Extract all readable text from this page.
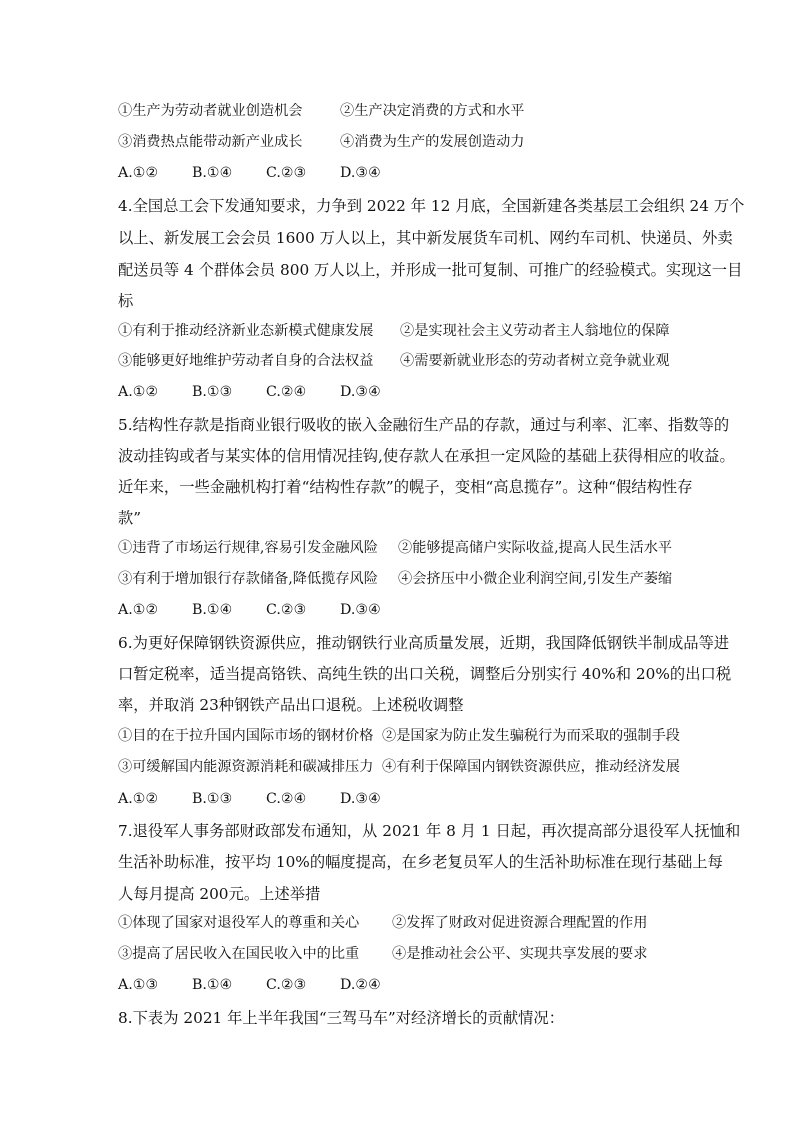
①生产为劳动者就业创造机会	②生产决定消费的方式和水平
③消费热点能带动新产业成长	④消费为生产的发展创造动力
A.①② B.①④ C.②③ D.③④
4.全国总工会下发通知要求，力争到 2022 年 12 月底，全国新建各类基层工会组织 24 万个
以上、新发展工会会员 1600 万人以上，其中新发展货车司机、网约车司机、快递员、外卖
配送员等 4 个群体会员 800 万人以上，并形成一批可复制、可推广的经验模式。实现这一目
标
①有利于推动经济新业态新模式健康发展 ②是实现社会主义劳动者主人翁地位的保障
③能够更好地维护劳动者自身的合法权益 ④需要新就业形态的劳动者树立竞争就业观
A.①② B.①③ C.②④ D.③④
5.结构性存款是指商业银行吸收的嵌入金融衍生产品的存款，通过与利率、汇率、指数等的
波动挂钩或者与某实体的信用情况挂钩,使存款人在承担一定风险的基础上获得相应的收益。
近年来，一些金融机构打着“结构性存款”的幌子，变相“高息揽存”。这种“假结构性存
款”
①违背了市场运行规律,容易引发金融风险 ②能够提高储户实际收益,提高人民生活水平
③有利于增加银行存款储备,降低揽存风险 ④会挤压中小微企业利润空间,引发生产萎缩
A.①② B.①④ C.②③ D.③④
6.为更好保障钢铁资源供应，推动钢铁行业高质量发展，近期，我国降低钢铁半制成品等进
口暂定税率，适当提高铬铁、高纯生铁的出口关税，调整后分别实行 40%和 20%的出口税
率，并取消 23种钢铁产品出口退税。上述税收调整
①目的在于拉升国内国际市场的钢材价格 ②是国家为防止发生骗税行为而采取的强制手段
③可缓解国内能源资源消耗和碳减排压力 ④有利于保障国内钢铁资源供应，推动经济发展
A.①② B.①③ C.②④ D.③④
7.退役军人事务部财政部发布通知，从 2021 年 8 月 1 日起，再次提高部分退役军人抚恤和
生活补助标准，按平均 10%的幅度提高，在乡老复员军人的生活补助标准在现行基础上每
人每月提高 200元。上述举措
①体现了国家对退役军人的尊重和关心 ②发挥了财政对促进资源合理配置的作用
③提高了居民收入在国民收入中的比重 ④是推动社会公平、实现共享发展的要求
A.①③ B.①④ C.②③ D.②④
8.下表为 2021 年上半年我国“三驾马车”对经济增长的贡献情况：
